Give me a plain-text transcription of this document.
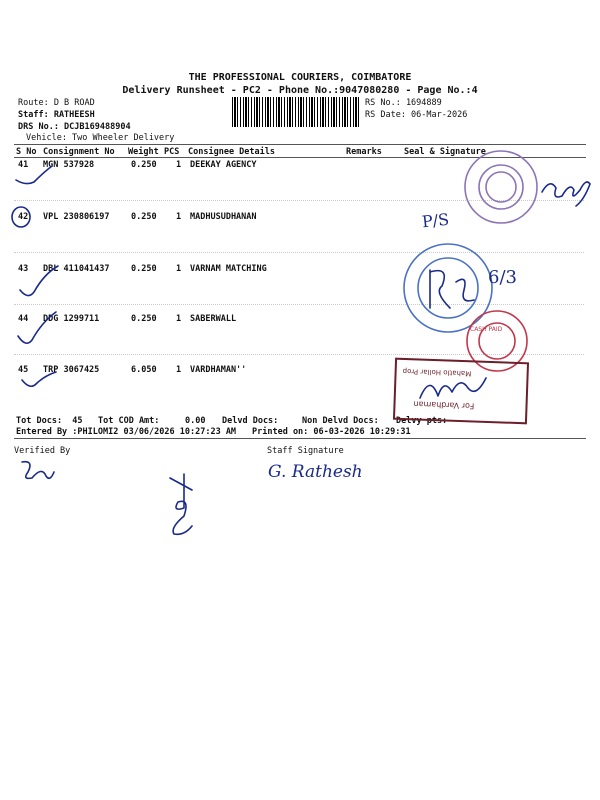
THE PROFESSIONAL COURIERS, COIMBATORE
Delivery Runsheet - PC2 - Phone No.:9047080280 - Page No.:4
Route: D B ROAD
Staff: RATHEESH
DRS No.: DCJB169488904
Vehicle: Two Wheeler Delivery
RS No.: 1694889
RS Date: 06-Mar-2026
S No Consignment No Weight PCS Consignee Details	Remarks	Seal & Signature
41 MGN 537928	0.250 1 DEEKAY AGENCY
42 VPL 230806197	0.250 1 MADHUSUDHANAN
43 DBL 411041437	0.250 1 VARNAM MATCHING
44 DDG 1299711	0.250 1 SABERWALL
45 TRP 3067425	6.050 1 VARDHAMAN''
Tot Docs:  45 Tot COD Amt:     0.00 Delvd Docs:	Non Delvd Docs: Delvy pts:
Entered By :PHILOMI2 03/06/2026 10:27:23 AM Printed on: 06-03-2026 10:29:31
Verified By	Staff Signature
P/S
6/3
CASH PAID
Mahatlo Hollar Prop
For Vardhaman
G. Rathesh
